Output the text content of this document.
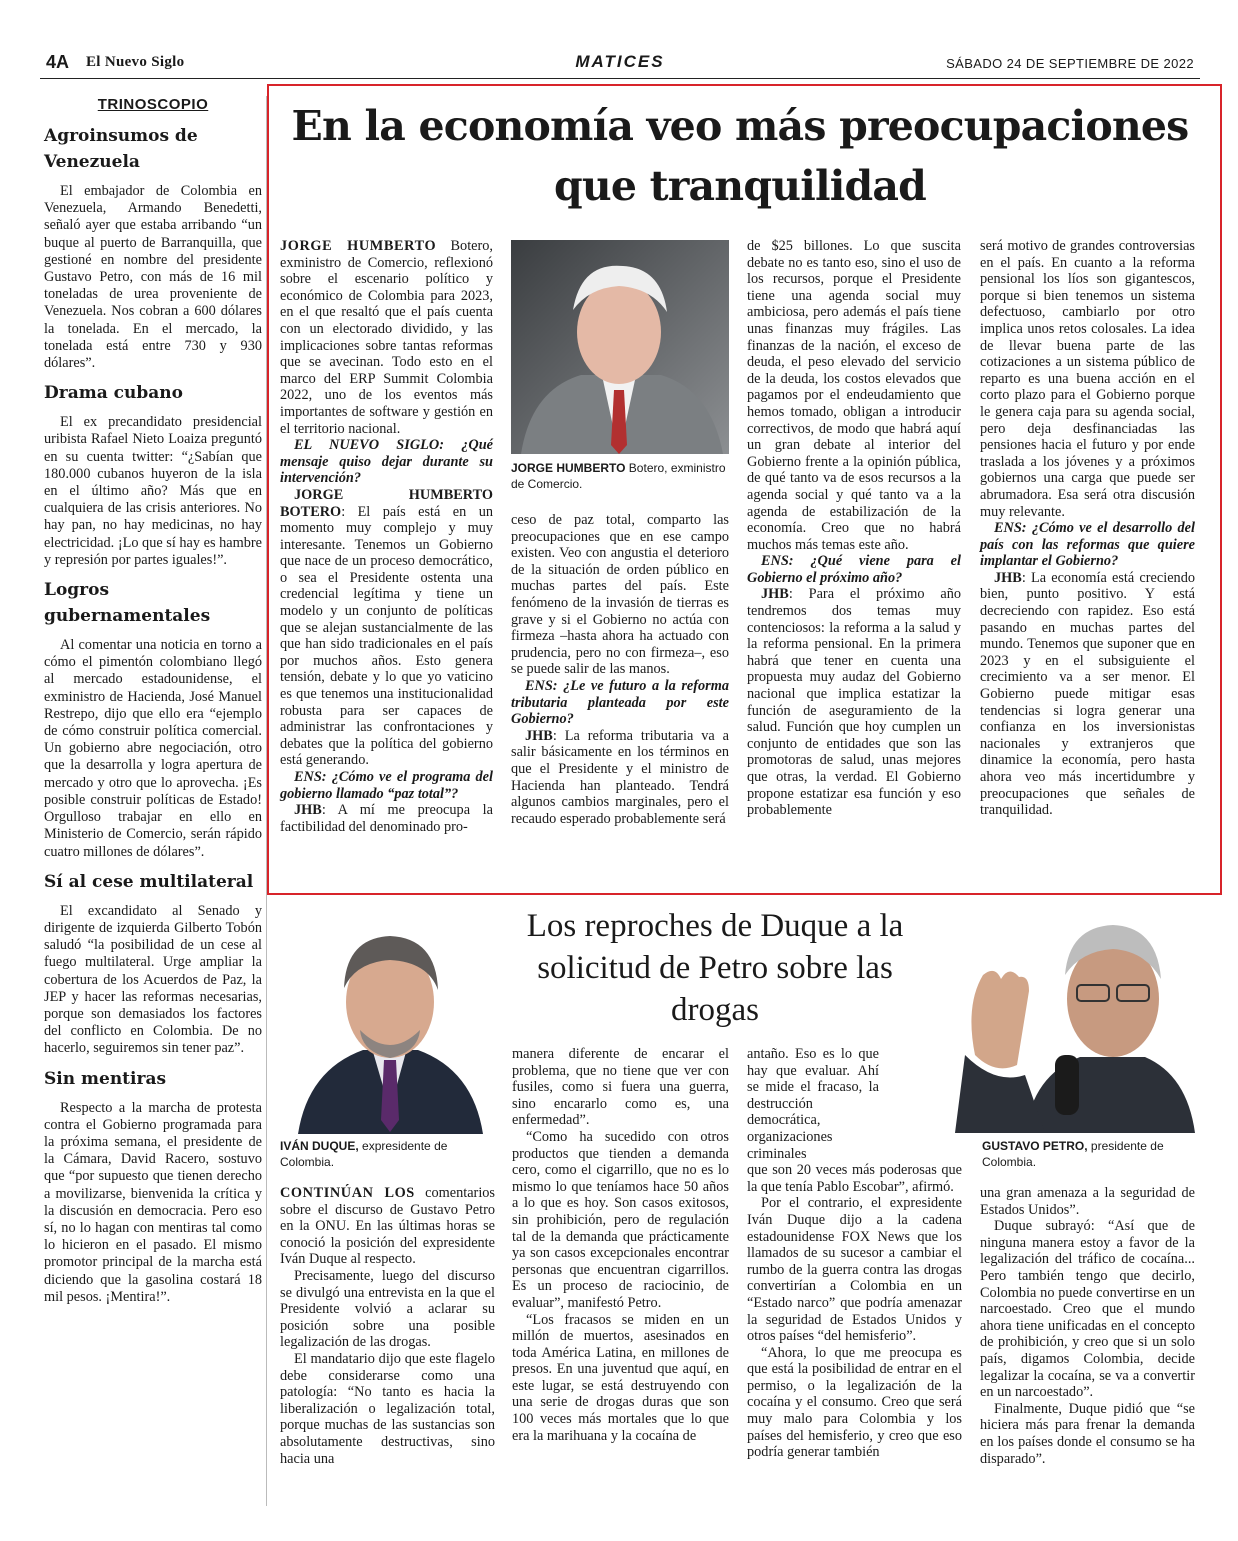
4A El Nuevo Siglo	MATICES	SÁBADO 24 DE SEPTIEMBRE DE 2022
TRINOSCOPIO
Agroinsumos de Venezuela
El embajador de Colombia en Venezuela, Armando Benedetti, señaló ayer que estaba arribando “un buque al puerto de Barranquilla, que gestioné en nombre del presidente Gustavo Petro, con más de 16 mil toneladas de urea proveniente de Venezuela. Nos cobran a 600 dólares la tonelada. En el mercado, la tonelada está entre 730 y 930 dólares”.
Drama cubano
El ex precandidato presidencial uribista Rafael Nieto Loaiza preguntó en su cuenta twitter: “¿Sabían que 180.000 cubanos huyeron de la isla en el último año? Más que en cualquiera de las crisis anteriores. No hay pan, no hay medicinas, no hay electricidad. ¡Lo que sí hay es hambre y represión por partes iguales!”.
Logros gubernamentales
Al comentar una noticia en torno a cómo el pimentón colombiano llegó al mercado estadounidense, el exministro de Hacienda, José Manuel Restrepo, dijo que ello era “ejemplo de cómo construir política comercial. Un gobierno abre negociación, otro que la desarrolla y logra apertura de mercado y otro que lo aprovecha. ¡Es posible construir políticas de Estado! Orgulloso trabajar en ello en Ministerio de Comercio, serán rápido cuatro millones de dólares”.
Sí al cese multilateral
El excandidato al Senado y dirigente de izquierda Gilberto Tobón saludó “la posibilidad de un cese al fuego multilateral. Urge ampliar la cobertura de los Acuerdos de Paz, la JEP y hacer las reformas necesarias, porque son demasiados los factores del conflicto en Colombia. De no hacerlo, seguiremos sin tener paz”.
Sin mentiras
Respecto a la marcha de protesta contra el Gobierno programada para la próxima semana, el presidente de la Cámara, David Racero, sostuvo que “por supuesto que tienen derecho a movilizarse, bienvenida la crítica y la discusión en democracia. Pero eso sí, no lo hagan con mentiras tal como lo hicieron en el pasado. El mismo promotor principal de la marcha está diciendo que la gasolina costará 18 mil pesos. ¡Mentira!”.
En la economía veo más preocupaciones que tranquilidad

JORGE HUMBERTO Botero, exministro de Comercio, reflexionó sobre el escenario político y económico de Colombia para 2023, en el que resaltó que el país cuenta con un electorado dividido, y las implicaciones sobre tantas reformas que se avecinan. Todo esto en el marco del ERP Summit Colombia 2022, uno de los eventos más importantes de software y gestión en el territorio nacional.

EL NUEVO SIGLO: ¿Qué mensaje quiso dejar durante su intervención?

JORGE HUMBERTO BOTERO: El país está en un momento muy complejo y muy interesante. Tenemos un Gobierno que nace de un proceso democrático, o sea el Presidente ostenta una credencial legítima y tiene un modelo y un conjunto de políticas que se alejan sustancialmente de las que han sido tradicionales en el país por muchos años. Esto genera tensión, debate y lo que yo vaticino es que tenemos una institucionalidad robusta para ser capaces de administrar las confrontaciones y debates que la política del gobierno está generando.

ENS: ¿Cómo ve el programa del gobierno llamado “paz total”?

JHB: A mí me preocupa la factibilidad del denominado pro-

JORGE HUMBERTO Botero, exministro de Comercio.

ceso de paz total, comparto las preocupaciones que en ese campo existen. Veo con angustia el deterioro de la situación de orden público en muchas partes del país. Este fenómeno de la invasión de tierras es grave y si el Gobierno no actúa con firmeza –hasta ahora ha actuado con prudencia, pero no con firmeza–, eso se puede salir de las manos.

ENS: ¿Le ve futuro a la reforma tributaria planteada por este Gobierno?

JHB: La reforma tributaria va a salir básicamente en los términos en que el Presidente y el ministro de Hacienda han planteado. Tendrá algunos cambios marginales, pero el recaudo esperado probablemente será

de $25 billones. Lo que suscita debate no es tanto eso, sino el uso de los recursos, porque el Presidente tiene una agenda social muy ambiciosa, pero además el país tiene unas finanzas muy frágiles. Las finanzas de la nación, el exceso de deuda, el peso elevado del servicio de la deuda, los costos elevados que pagamos por el endeudamiento que hemos tomado, obligan a introducir correctivos, de modo que habrá aquí un gran debate al interior del Gobierno frente a la opinión pública, de qué tanto va de esos recursos a la agenda social y qué tanto va a la agenda de estabilización de la economía. Creo que no habrá muchos más temas este año.

ENS: ¿Qué viene para el Gobierno el próximo año?

JHB: Para el próximo año tendremos dos temas muy contenciosos: la reforma a la salud y la reforma pensional. En la primera habrá que tener en cuenta una propuesta muy audaz del Gobierno nacional que implica estatizar la función de aseguramiento de la salud. Función que hoy cumplen un conjunto de entidades que son las promotoras de salud, unas mejores que otras, la verdad. El Gobierno propone estatizar esa función y eso probablemente

será motivo de grandes controversias en el país. En cuanto a la reforma pensional los líos son gigantescos, porque si bien tenemos un sistema defectuoso, cambiarlo por otro implica unos retos colosales. La idea de llevar buena parte de las cotizaciones a un sistema público de reparto es una buena acción en el corto plazo para el Gobierno porque le genera caja para su agenda social, pero deja desfinanciadas las pensiones hacia el futuro y por ende traslada a los jóvenes y a próximos gobiernos una carga que puede ser abrumadora. Esa será otra discusión muy relevante.

ENS: ¿Cómo ve el desarrollo del país con las reformas que quiere implantar el Gobierno?

JHB: La economía está creciendo bien, punto positivo. Y está decreciendo con rapidez. Eso está pasando en muchas partes del mundo. Tenemos que suponer que en 2023 y en el subsiguiente el crecimiento va a ser menor. El Gobierno puede mitigar esas tendencias si logra generar una confianza en los inversionistas nacionales y extranjeros que dinamice la economía, pero hasta ahora veo más incertidumbre y preocupaciones que señales de tranquilidad.

Los reproches de Duque a la solicitud de Petro sobre las drogas
IVÁN DUQUE, expresidente de Colombia.
GUSTAVO PETRO, presidente de Colombia.

CONTINÚAN LOS comentarios sobre el discurso de Gustavo Petro en la ONU. En las últimas horas se conoció la posición del expresidente Iván Duque al respecto.

Precisamente, luego del discurso se divulgó una entrevista en la que el Presidente volvió a aclarar su posición sobre una posible legalización de las drogas.

El mandatario dijo que este flagelo debe considerarse como una patología: “No tanto es hacia la liberalización o legalización total, porque muchas de las sustancias son absolutamente destructivas, sino hacia una

manera diferente de encarar el problema, que no tiene que ver con fusiles, como si fuera una guerra, sino encararlo como es, una enfermedad”.

“Como ha sucedido con otros productos que tienden a demanda cero, como el cigarrillo, que no es lo mismo lo que teníamos hace 50 años a lo que es hoy. Son casos exitosos, sin prohibición, pero de regulación tal de la demanda que prácticamente ya son casos excepcionales encontrar personas que encuentran cigarrillos. Es un proceso de raciocinio, de evaluar”, manifestó Petro.

“Los fracasos se miden en un millón de muertos, asesinados en toda América Latina, en millones de presos. En una juventud que aquí, en este lugar, se está destruyendo con una serie de drogas duras que son 100 veces más mortales que lo que era la marihuana y la cocaína de

antaño. Eso es lo que hay que evaluar. Ahí se mide el fracaso, la destrucción democrática, organizaciones criminales

que son 20 veces más poderosas que la que tenía Pablo Escobar”, afirmó.

Por el contrario, el expresidente Iván Duque dijo a la cadena estadounidense FOX News que los llamados de su sucesor a cambiar el rumbo de la guerra contra las drogas convertirían a Colombia en un “Estado narco” que podría amenazar la seguridad de Estados Unidos y otros países “del hemisferio”.

“Ahora, lo que me preocupa es que está la posibilidad de entrar en el permiso, o la legalización de la cocaína y el consumo. Creo que será muy malo para Colombia y los países del hemisferio, y creo que eso podría generar también

una gran amenaza a la seguridad de Estados Unidos”.

Duque subrayó: “Así que de ninguna manera estoy a favor de la legalización del tráfico de cocaína... Pero también tengo que decirlo, Colombia no puede convertirse en un narcoestado. Creo que el mundo ahora tiene unificadas en el concepto de prohibición, y creo que si un solo país, digamos Colombia, decide legalizar la cocaína, se va a convertir en un narcoestado”.

Finalmente, Duque pidió que “se hiciera más para frenar la demanda en los países donde el consumo se ha disparado”.
